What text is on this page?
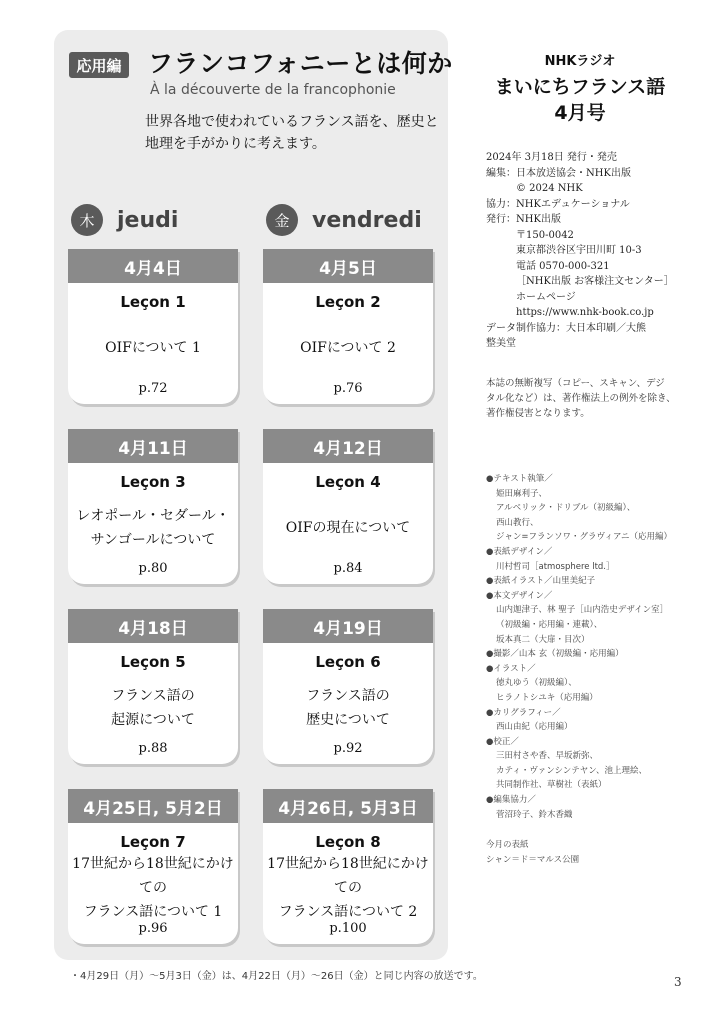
応用編	フランコフォニーとは何か
À la découverte de la francophonie
世界各地で使われているフランス語を、歴史と
地理を手がかりに考えます。
木	jeudi	金	vendredi
4月4日
Leçon 1
OIFについて 1
p.72
4月5日
Leçon 2
OIFについて 2
p.76
4月11日
Leçon 3
レオポール・セダール・
サンゴールについて
p.80
4月12日
Leçon 4
OIFの現在について
p.84
4月18日
Leçon 5
フランス語の
起源について
p.88
4月19日
Leçon 6
フランス語の
歴史について
p.92
4月25日, 5月2日
Leçon 7
17世紀から18世紀にかけての
フランス語について 1
p.96
4月26日, 5月3日
Leçon 8
17世紀から18世紀にかけての
フランス語について 2
p.100
・4月29日（月）～5月3日（金）は、4月22日（月）～26日（金）と同じ内容の放送です。	3
NHKラジオ
まいにちフランス語
4月号
2024年 3月18日 発行・発売
編集： 日本放送協会・NHK出版
© 2024 NHK
協力： NHKエデュケーショナル
発行： NHK出版
〒150-0042
東京都渋谷区宇田川町 10-3
電話 0570-000-321
［NHK出版 お客様注文センター］
ホームページ
https://www.nhk-book.co.jp
データ制作協力：大日本印刷／大熊
整美堂
本誌の無断複写（コピー、スキャン、デジ
タル化など）は、著作権法上の例外を除き、
著作権侵害となります。
●テキスト執筆／
姫田麻利子、
アルベリック・ドリブル（初級編）、
西山教行、
ジャン=フランソワ・グラヴィアニ（応用編）
●表紙デザイン／
川村哲司［atmosphere ltd.］
●表紙イラスト／山里美紀子
●本文デザイン／
山内迦津子、林 聖子［山内浩史デザイン室］
（初級編・応用編・連載）、
坂本真二（大扉・目次）
●撮影／山本 玄（初級編・応用編）
●イラスト／
徳丸ゆう（初級編）、
ヒラノトシユキ（応用編）
●カリグラフィー／
西山由紀（応用編）
●校正／
三田村さや香、早坂新弥、
カティ・ヴァンシンテヤン、池上理絵、
共同制作社、草樹社（表紙）
●編集協力／
菅沼玲子、鈴木香織
今月の表紙
シャン＝ド＝マルス公園
